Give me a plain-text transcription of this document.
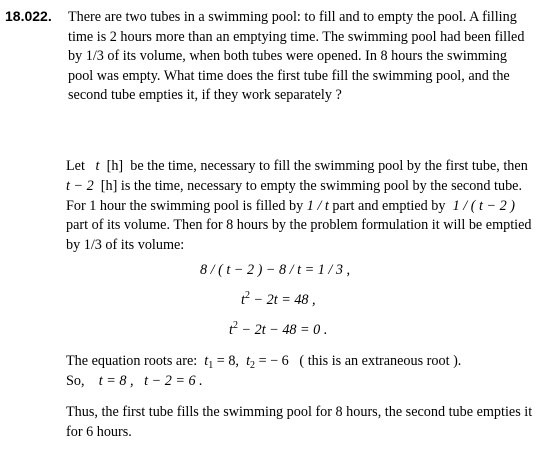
18.022. There are two tubes in a swimming pool: to fill and to empty the pool. A filling time is 2 hours more than an emptying time. The swimming pool had been filled by 1/3 of its volume, when both tubes were opened. In 8 hours the swimming pool was empty. What time does the first tube fill the swimming pool, and the second tube empties it, if they work separately ?
Let t [h] be the time, necessary to fill the swimming pool by the first tube, then  t − 2 [h] is the time, necessary to empty the swimming pool by the second tube. For 1 hour the swimming pool is filled by 1 / t part and emptied by 1 / ( t − 2 ) part of its volume. Then for 8 hours by the problem formulation it will be emptied by 1/3 of its volume:
8 / ( t − 2 ) − 8 / t = 1 / 3 ,
$t^2 - 2t = 48$ ,
$t^2 - 2t - 48 = 0$ .
The equation roots are: $t_1 = 8$, $t_2$ = − 6 ( this is an extraneous root ).
So, t = 8 , t − 2 = 6 .
Thus, the first tube fills the swimming pool for 8 hours, the second tube empties it for 6 hours.
